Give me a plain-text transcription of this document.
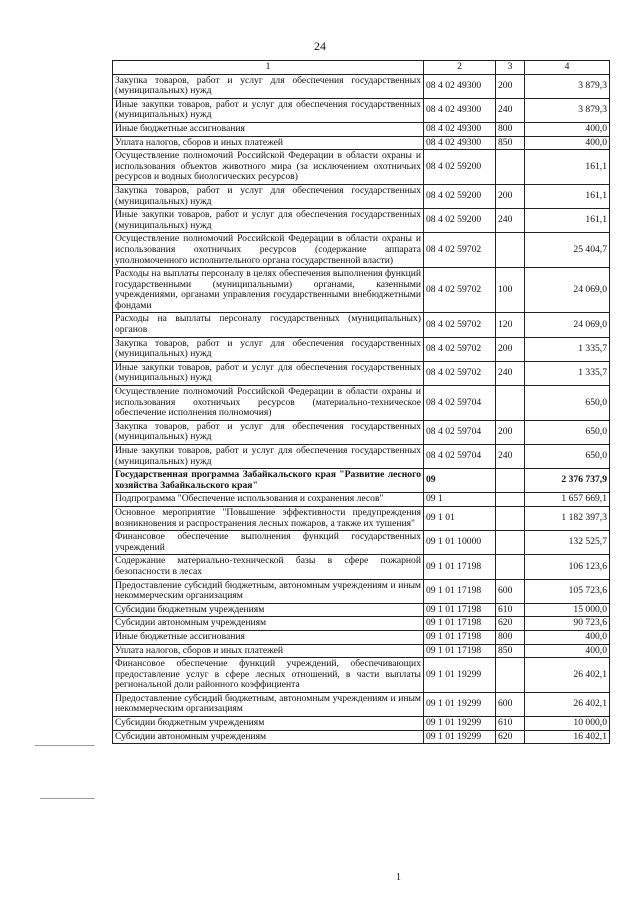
24
1	2	3	4
Закупка товаров, работ и услуг для обеспечения государственных (муниципальных) нужд	08 4 02 49300	200	3 879,3
Иные закупки товаров, работ и услуг для обеспечения государственных (муниципальных) нужд	08 4 02 49300	240	3 879,3
Иные бюджетные ассигнования	08 4 02 49300	800	400,0
Уплата налогов, сборов и иных платежей	08 4 02 49300	850	400,0
Осуществление полномочий Российской Федерации в области охраны и использования объектов животного мира (за исключением охотничьих ресурсов и водных биологических ресурсов)	08 4 02 59200		161,1
Закупка товаров, работ и услуг для обеспечения государственных (муниципальных) нужд	08 4 02 59200	200	161,1
Иные закупки товаров, работ и услуг для обеспечения государственных (муниципальных) нужд	08 4 02 59200	240	161,1
Осуществление полномочий Российской Федерации в области охраны и использования охотничьих ресурсов (содержание аппарата уполномоченного исполнительного органа государственной власти)	08 4 02 59702		25 404,7
Расходы на выплаты персоналу в целях обеспечения выполнения функций государственными (муниципальными) органами, казенными учреждениями, органами управления государственными внебюджетными фондами	08 4 02 59702	100	24 069,0
Расходы на выплаты персоналу государственных (муниципальных) органов	08 4 02 59702	120	24 069,0
Закупка товаров, работ и услуг для обеспечения государственных (муниципальных) нужд	08 4 02 59702	200	1 335,7
Иные закупки товаров, работ и услуг для обеспечения государственных (муниципальных) нужд	08 4 02 59702	240	1 335,7
Осуществление полномочий Российской Федерации в области охраны и использования охотничьих ресурсов (материально-техническое обеспечение исполнения полномочия)	08 4 02 59704		650,0
Закупка товаров, работ и услуг для обеспечения государственных (муниципальных) нужд	08 4 02 59704	200	650,0
Иные закупки товаров, работ и услуг для обеспечения государственных (муниципальных) нужд	08 4 02 59704	240	650,0
Государственная программа Забайкальского края "Развитие лесного хозяйства Забайкальского края"	09		2 376 737,9
Подпрограмма "Обеспечение использования и сохранения лесов"	09 1		1 657 669,1
Основное мероприятие "Повышение эффективности предупреждения возникновения и распространения лесных пожаров, а также их тушения"	09 1 01		1 182 397,3
Финансовое обеспечение выполнения функций государственных учреждений	09 1 01 10000		132 525,7
Содержание материально-технической базы в сфере пожарной безопасности в лесах	09 1 01 17198		106 123,6
Предоставление субсидий бюджетным, автономным учреждениям и иным некоммерческим организациям	09 1 01 17198	600	105 723,6
Субсидии бюджетным учреждениям	09 1 01 17198	610	15 000,0
Субсидии автономным учреждениям	09 1 01 17198	620	90 723,6
Иные бюджетные ассигнования	09 1 01 17198	800	400,0
Уплата налогов, сборов и иных платежей	09 1 01 17198	850	400,0
Финансовое обеспечение функций учреждений, обеспечивающих предоставление услуг в сфере лесных отношений, в части выплаты региональной доли районного коэффициента	09 1 01 19299		26 402,1
Предоставление субсидий бюджетным, автономным учреждениям и иным некоммерческим организациям	09 1 01 19299	600	26 402,1
Субсидии бюджетным учреждениям	09 1 01 19299	610	10 000,0
Субсидии автономным учреждениям	09 1 01 19299	620	16 402,1
1
